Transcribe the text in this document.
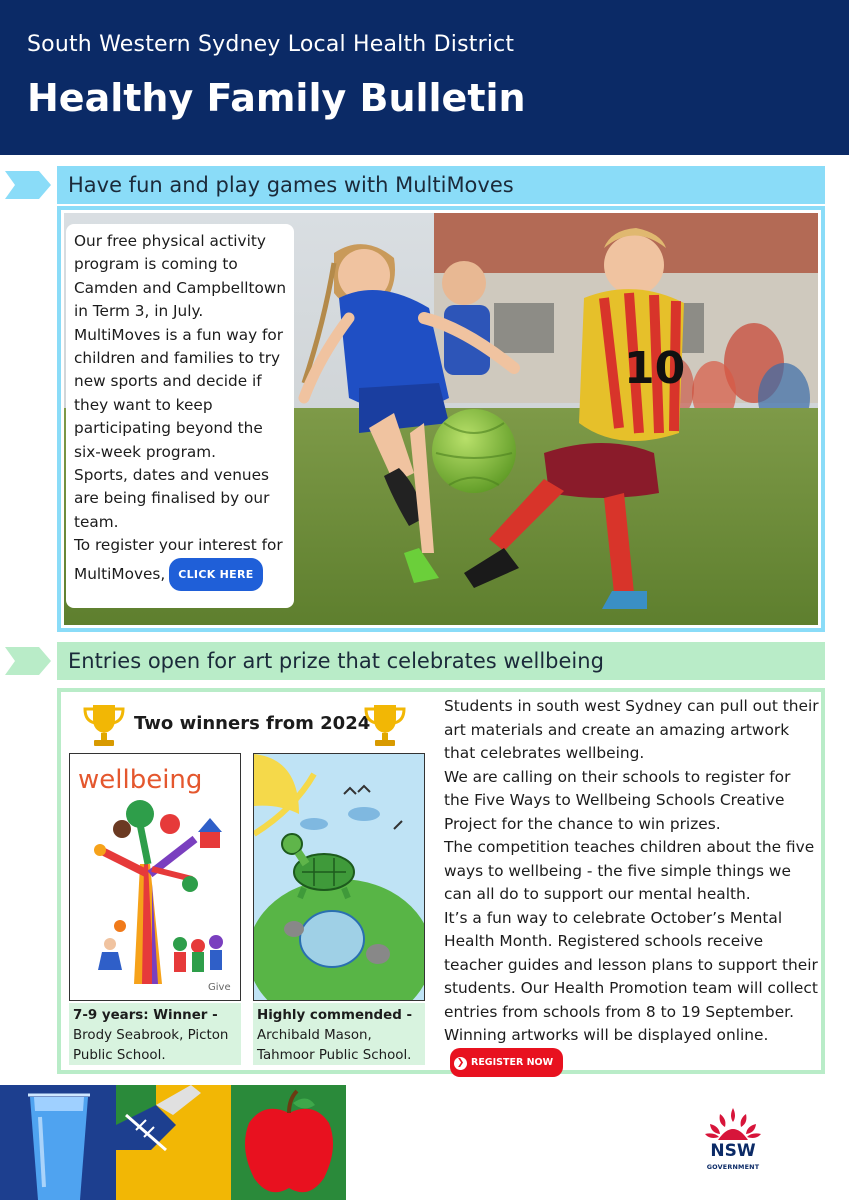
South Western Sydney Local Health District
Healthy Family Bulletin
Have fun and play games with MultiMoves
10

Our free physical activity program is coming to Camden and Campbelltown in Term 3, in July.

MultiMoves is a fun way for children and families to try new sports and decide if they want to keep participating beyond the six-week program.

Sports, dates and venues are being finalised by our team.

To register your interest for MultiMoves, CLICK HERE

Entries open for art prize that celebrates wellbeing
Two winners from 2024
wellbeing
Give
7-9 years: Winner -
Brody Seabrook, Picton Public School.
Highly commended -
Archibald Mason, Tahmoor Public School.

Students in south west Sydney can pull out their art materials and create an amazing artwork that celebrates wellbeing.

We are calling on their schools to register for the Five Ways to Wellbeing Schools Creative Project for the chance to win prizes.

The competition teaches children about the five ways to wellbeing - the five simple things we can all do to support our mental health.

It’s a fun way to celebrate October’s Mental Health Month. Registered schools receive teacher guides and lesson plans to support their students. Our Health Promotion team will collect entries from schools from 8 to 19 September. Winning artworks will be displayed online.❯ REGISTER NOW

NSW
GOVERNMENT
